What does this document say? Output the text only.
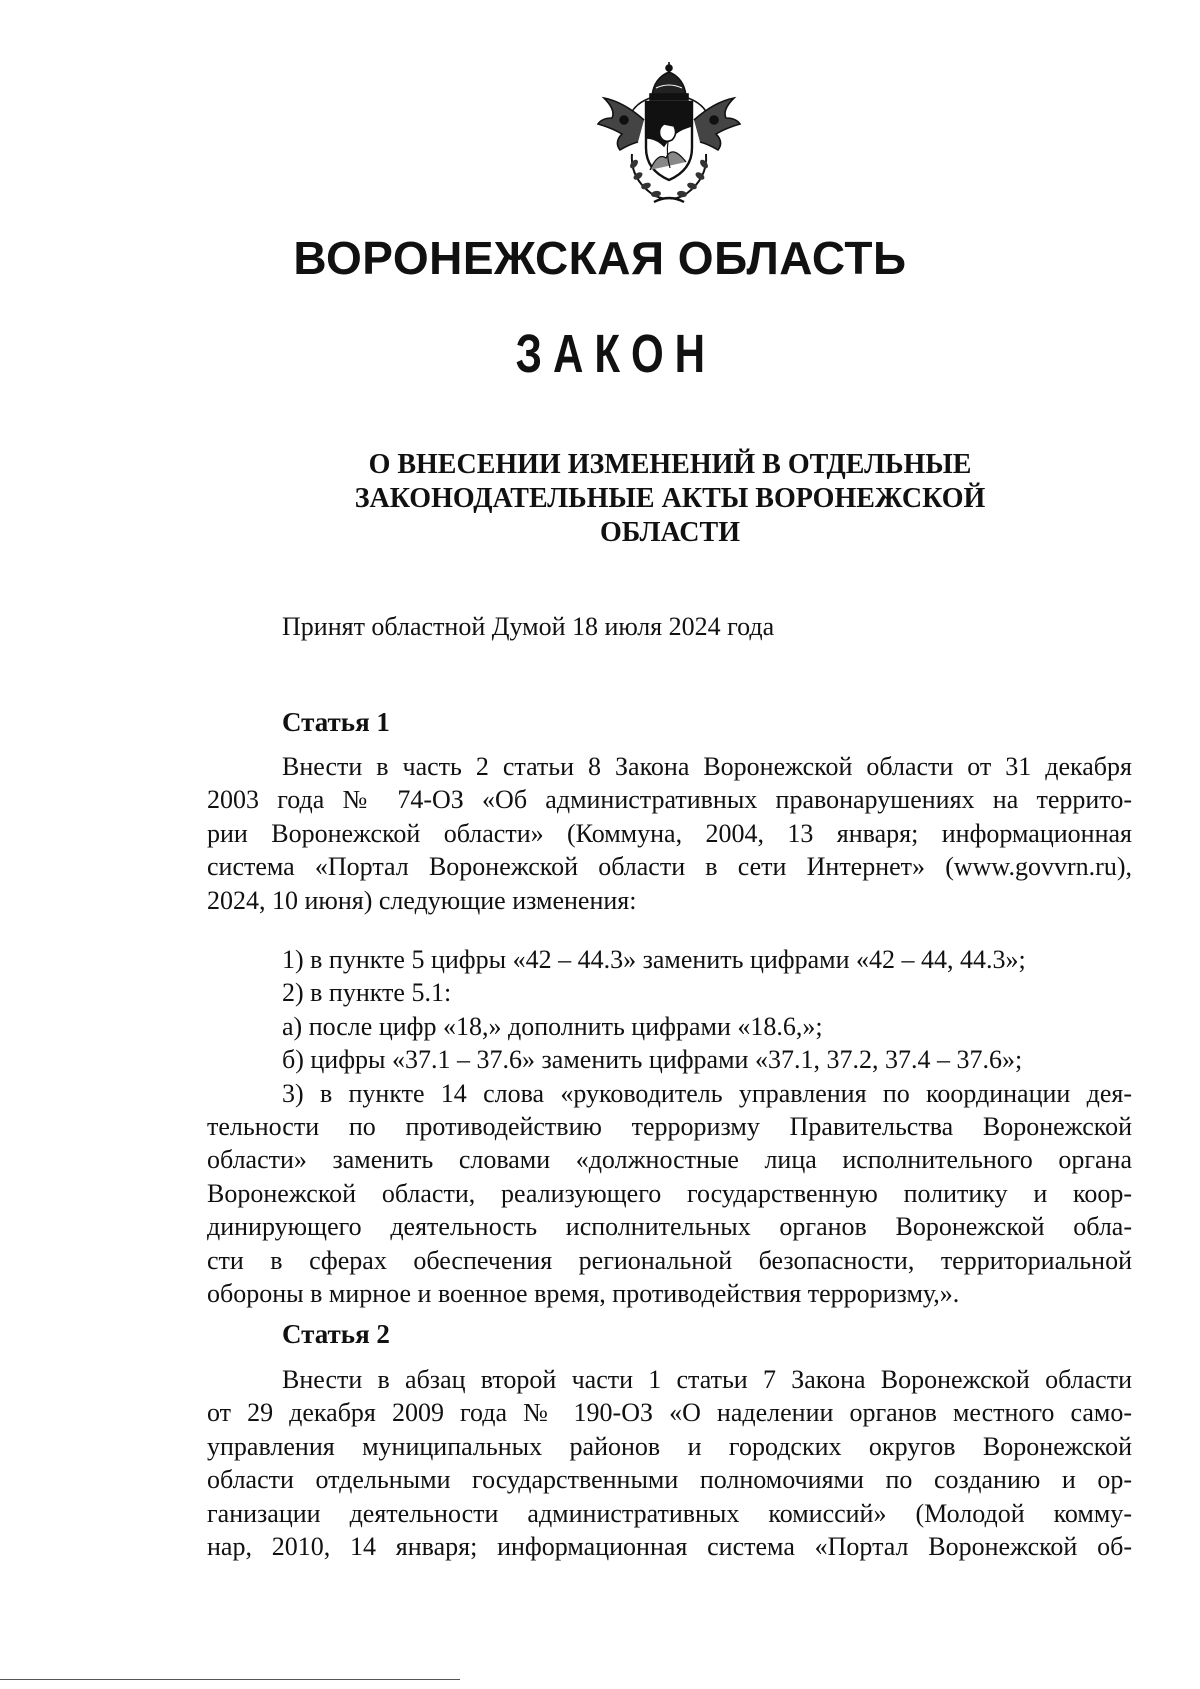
ВОРОНЕЖСКАЯ ОБЛАСТЬ
ЗАКОН
О ВНЕСЕНИИ ИЗМЕНЕНИЙ В ОТДЕЛЬНЫЕ
ЗАКОНОДАТЕЛЬНЫЕ АКТЫ ВОРОНЕЖСКОЙ
ОБЛАСТИ
Принят областной Думой 18 июля 2024 года
Статья 1
Внести в часть 2 статьи 8 Закона Воронежской области от 31 декабря
2003 года № 74-ОЗ «Об административных правонарушениях на террито-
рии Воронежской области» (Коммуна, 2004, 13 января; информационная
система «Портал Воронежской области в сети Интернет» (www.govvrn.ru),
2024, 10 июня) следующие изменения:
1) в пункте 5 цифры «42 – 44.3» заменить цифрами «42 – 44, 44.3»;
2) в пункте 5.1:
а) после цифр «18,» дополнить цифрами «18.6,»;
б) цифры «37.1 – 37.6» заменить цифрами «37.1, 37.2, 37.4 – 37.6»;
3) в пункте 14 слова «руководитель управления по координации дея-
тельности по противодействию терроризму Правительства Воронежской
области» заменить словами «должностные лица исполнительного органа
Воронежской области, реализующего государственную политику и коор-
динирующего деятельность исполнительных органов Воронежской обла-
сти в сферах обеспечения региональной безопасности, территориальной
обороны в мирное и военное время, противодействия терроризму,».
Статья 2
Внести в абзац второй части 1 статьи 7 Закона Воронежской области
от 29 декабря 2009 года № 190-ОЗ «О наделении органов местного само-
управления муниципальных районов и городских округов Воронежской
области отдельными государственными полномочиями по созданию и ор-
ганизации деятельности административных комиссий» (Молодой комму-
нар, 2010, 14 января; информационная система «Портал Воронежской об-
